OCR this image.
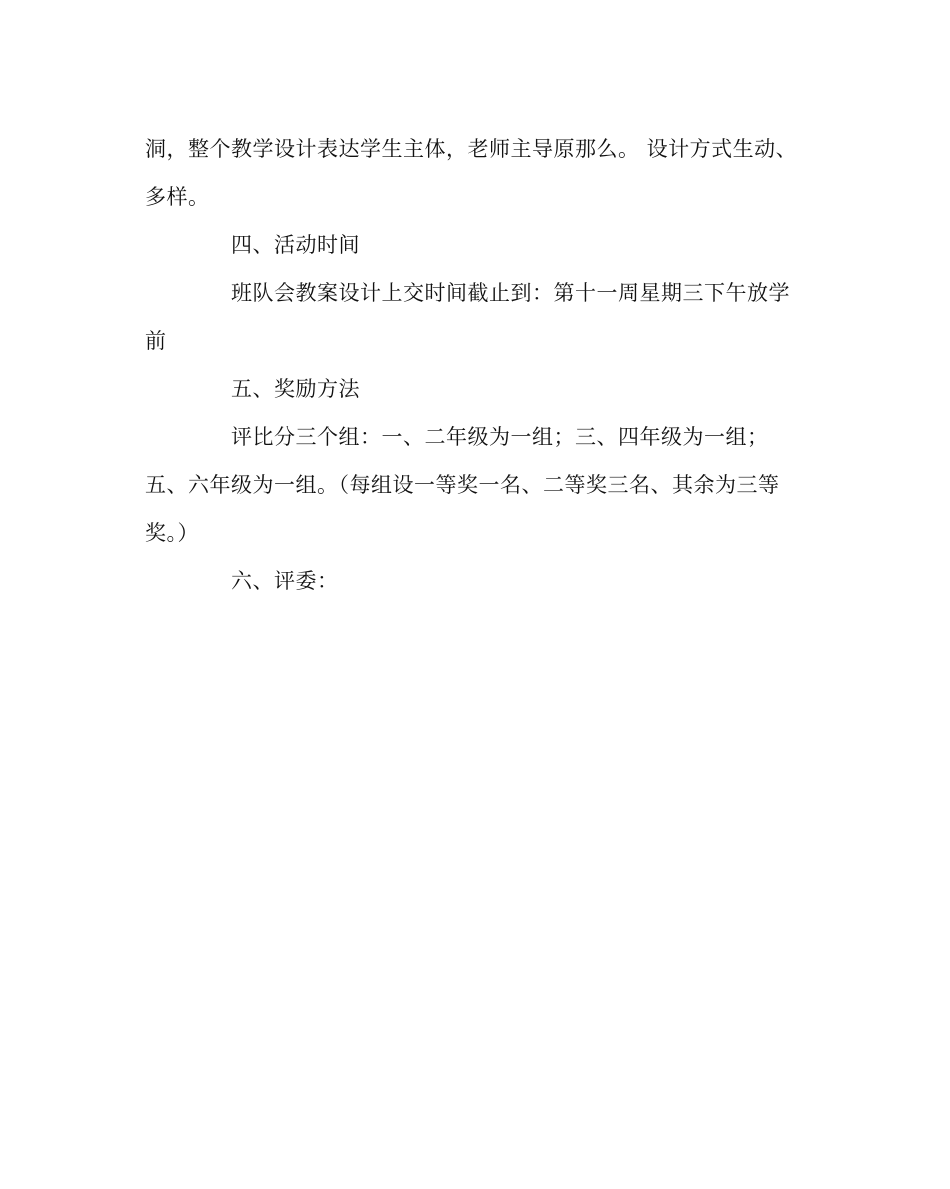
洞，整个教学设计表达学生主体，老师主导原那么。 设计方式生动、
多样。
四、活动时间
班队会教案设计上交时间截止到：第十一周星期三下午放学
前
五、奖励方法
评比分三个组：一、二年级为一组；三、四年级为一组；
五、六年级为一组。（每组设一等奖一名、二等奖三名、其余为三等
奖。）
六、评委：
